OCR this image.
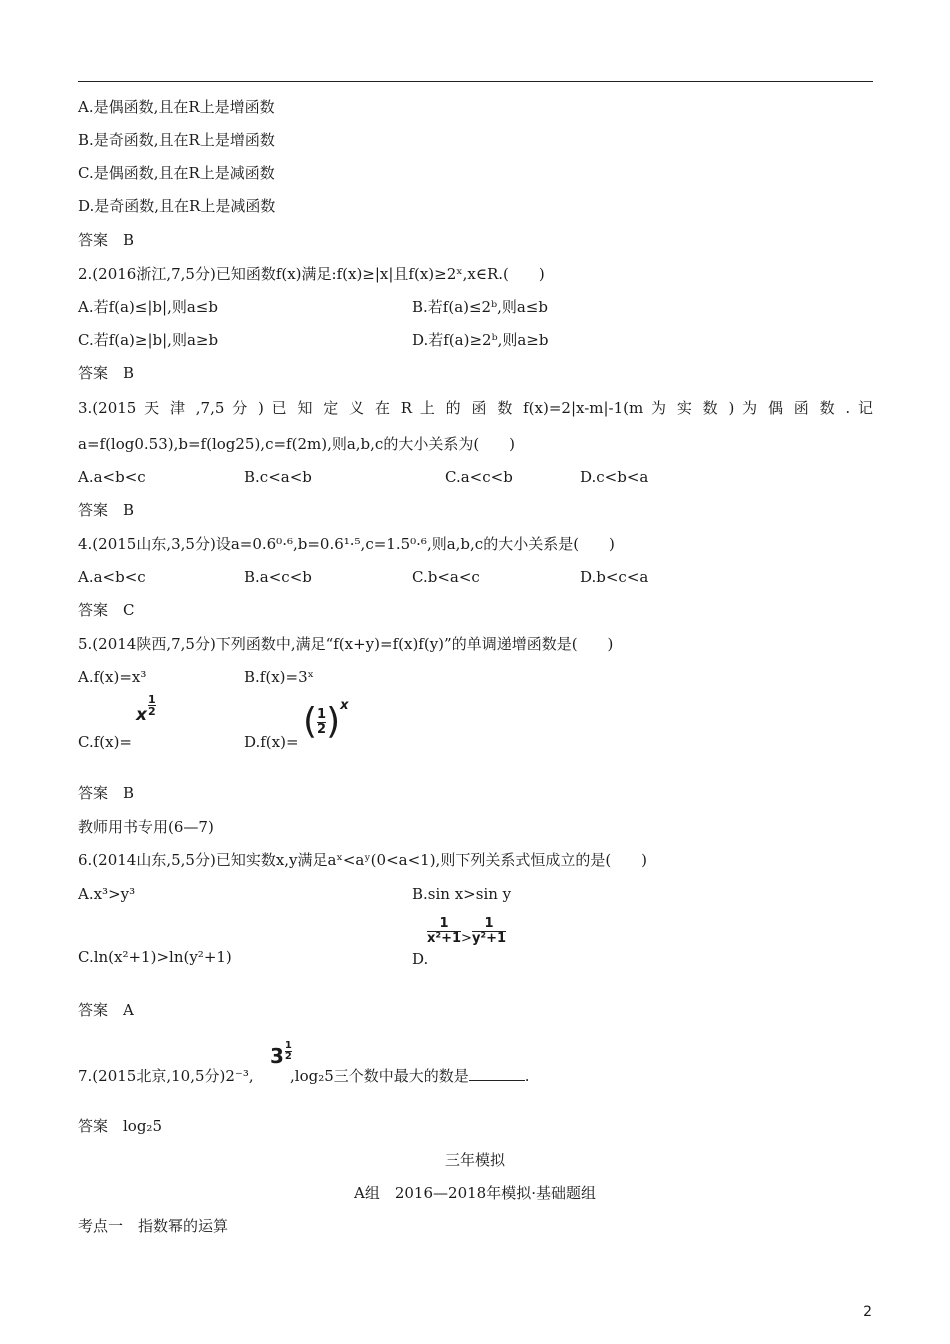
A.是偶函数,且在R上是增函数
B.是奇函数,且在R上是增函数
C.是偶函数,且在R上是减函数
D.是奇函数,且在R上是减函数
答案　B
2.(2016浙江,7,5分)已知函数f(x)满足:f(x)≥|x|且f(x)≥2ˣ,x∈R.(　　)
A.若f(a)≤|b|,则a≤b	B.若f(a)≤2ᵇ,则a≤b
C.若f(a)≥|b|,则a≥b	D.若f(a)≥2ᵇ,则a≥b
答案　B
3.(2015 天 津 ,7,5 分 ) 已 知 定 义 在 R 上 的 函 数 f(x)=2|x-m|-1(m 为 实 数 ) 为 偶 函 数 . 记
a=f(log0.53),b=f(log25),c=f(2m),则a,b,c的大小关系为(　　)
A.a<b<c	B.c<a<b	C.a<c<b	D.c<b<a
答案　B
4.(2015山东,3,5分)设a=0.6⁰·⁶,b=0.6¹·⁵,c=1.5⁰·⁶,则a,b,c的大小关系是(　　)
A.a<b<c	B.a<c<b	C.b<a<c	D.b<c<a
答案　C
5.(2014陕西,7,5分)下列函数中,满足“f(x+y)=f(x)f(y)”的单调递增函数是(　　)
A.f(x)=x³	B.f(x)=3ˣ
C.f(x)=
x $\frac{1}{2}$
D.f(x)= ( $\frac{1}{2} )x$
答案　B
教师用书专用(6—7)
6.(2014山东,5,5分)已知实数x,y满足aˣ<aʸ(0<a<1),则下列关系式恒成立的是(　　)
A.x³>y³	B.sin x>sin y
C.ln(x²+1)>ln(y²+1)	D.
$\frac{1}{\text{x²+1}} > \frac{1}{\text{y²+1}}$
答案　A
7.(2015北京,10,5分)2⁻³,
$3 \frac{1}{2}$
,log₂5三个数中最大的数是	.
答案　log₂5
三年模拟
A组　2016—2018年模拟·基础题组
考点一　指数幂的运算
2
